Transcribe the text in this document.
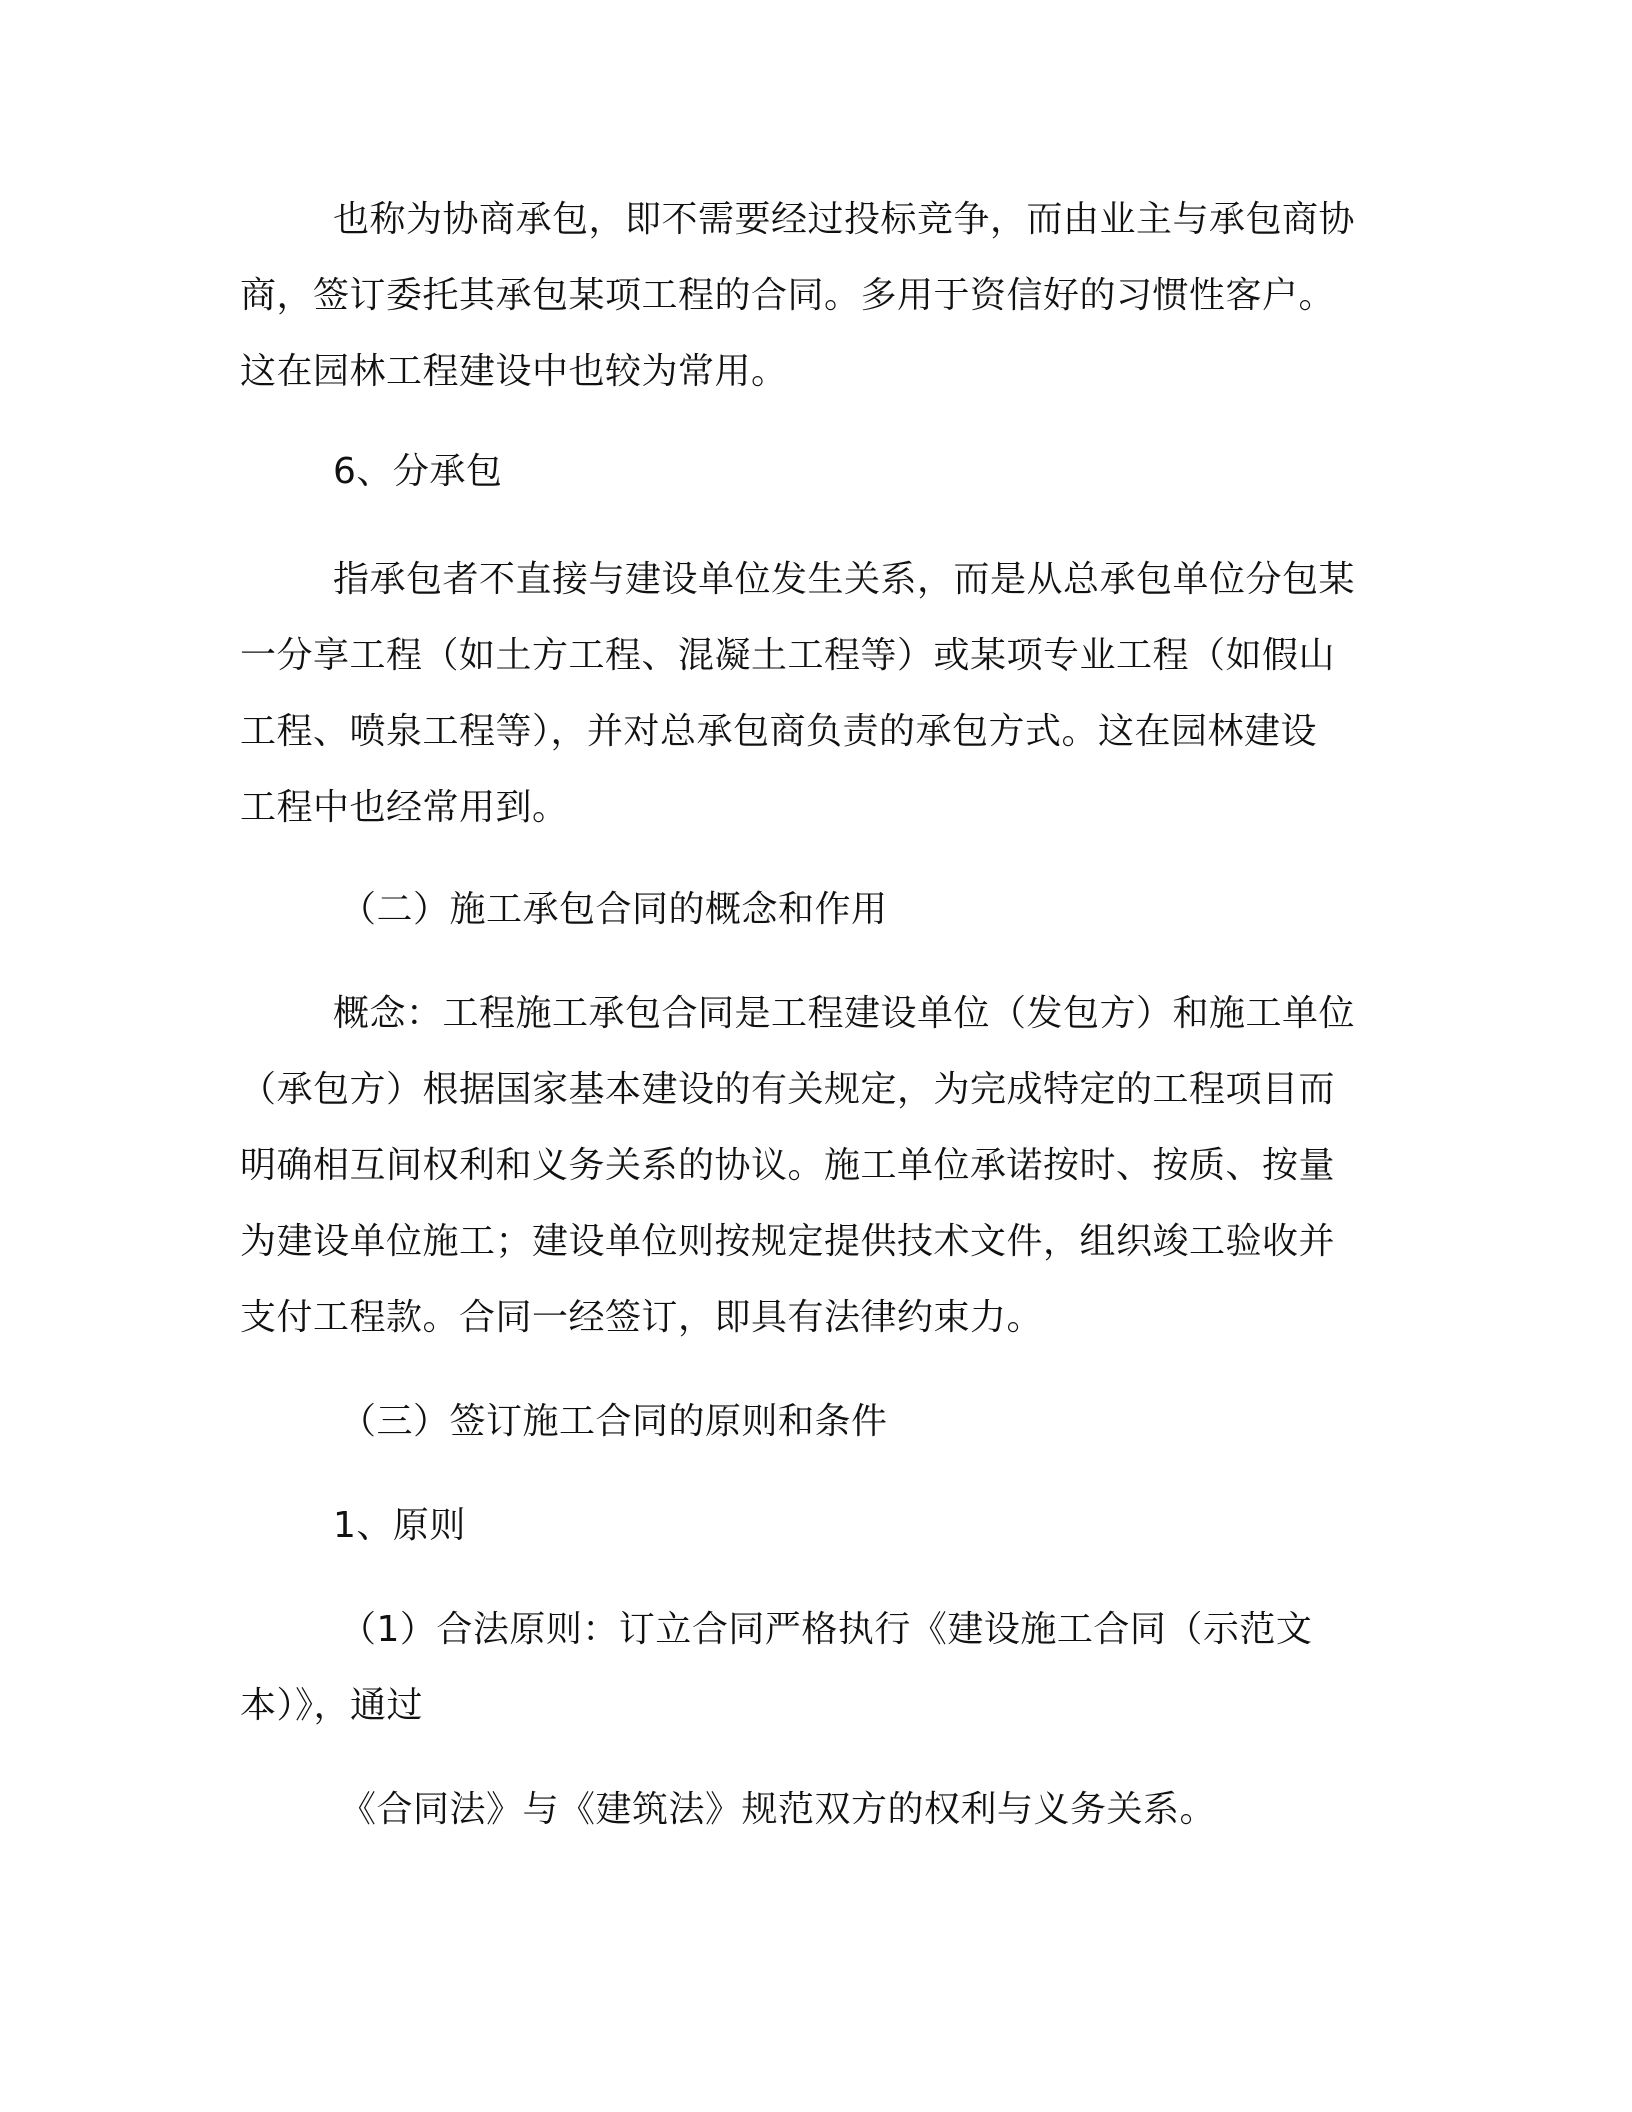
也称为协商承包，即不需要经过投标竞争，而由业主与承包商协
商，签订委托其承包某项工程的合同。多用于资信好的习惯性客户。
这在园林工程建设中也较为常用。
6、分承包
指承包者不直接与建设单位发生关系，而是从总承包单位分包某
一分享工程（如土方工程、混凝土工程等）或某项专业工程（如假山
工程、喷泉工程等），并对总承包商负责的承包方式。这在园林建设
工程中也经常用到。
（二）施工承包合同的概念和作用
概念：工程施工承包合同是工程建设单位（发包方）和施工单位
（承包方）根据国家基本建设的有关规定，为完成特定的工程项目而
明确相互间权利和义务关系的协议。施工单位承诺按时、按质、按量
为建设单位施工；建设单位则按规定提供技术文件，组织竣工验收并
支付工程款。合同一经签订，即具有法律约束力。
（三）签订施工合同的原则和条件
1、原则
（1）合法原则：订立合同严格执行《建设施工合同（示范文
本）》，通过
《合同法》与《建筑法》规范双方的权利与义务关系。
